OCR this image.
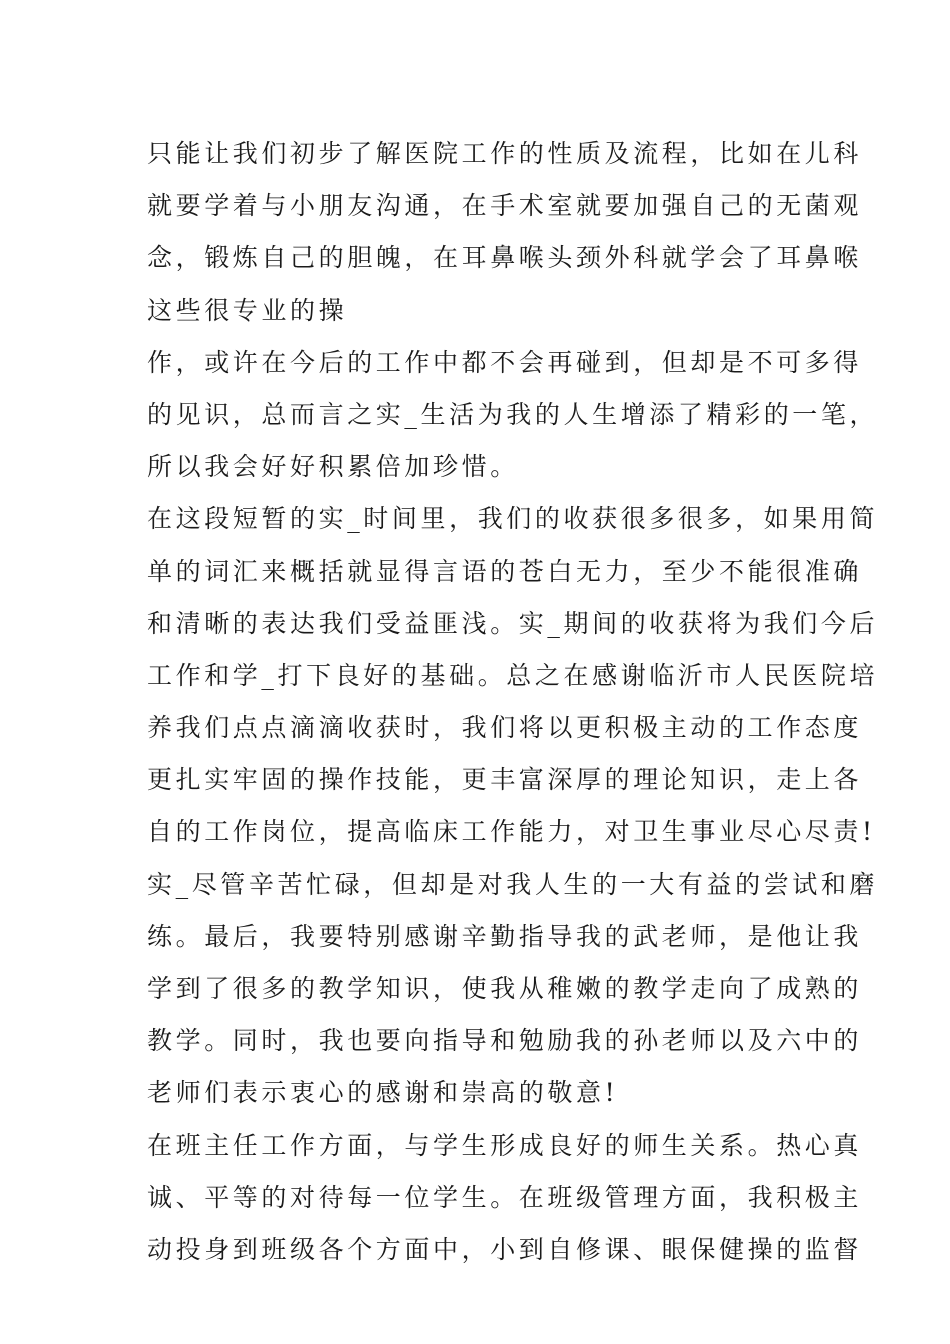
只能让我们初步了解医院工作的性质及流程，比如在儿科
就要学着与小朋友沟通，在手术室就要加强自己的无菌观
念，锻炼自己的胆魄，在耳鼻喉头颈外科就学会了耳鼻喉
这些很专业的操
作，或许在今后的工作中都不会再碰到，但却是不可多得
的见识，总而言之实_生活为我的人生增添了精彩的一笔，
所以我会好好积累倍加珍惜。
在这段短暂的实_时间里，我们的收获很多很多，如果用简
单的词汇来概括就显得言语的苍白无力，至少不能很准确
和清晰的表达我们受益匪浅。实_期间的收获将为我们今后
工作和学_打下良好的基础。总之在感谢临沂市人民医院培
养我们点点滴滴收获时，我们将以更积极主动的工作态度
更扎实牢固的操作技能，更丰富深厚的理论知识，走上各
自的工作岗位，提高临床工作能力，对卫生事业尽心尽责!
实_尽管辛苦忙碌，但却是对我人生的一大有益的尝试和磨
练。最后，我要特别感谢辛勤指导我的武老师，是他让我
学到了很多的教学知识，使我从稚嫩的教学走向了成熟的
教学。同时，我也要向指导和勉励我的孙老师以及六中的
老师们表示衷心的感谢和崇高的敬意!
在班主任工作方面，与学生形成良好的师生关系。热心真
诚、平等的对待每一位学生。在班级管理方面，我积极主
动投身到班级各个方面中，小到自修课、眼保健操的监督
